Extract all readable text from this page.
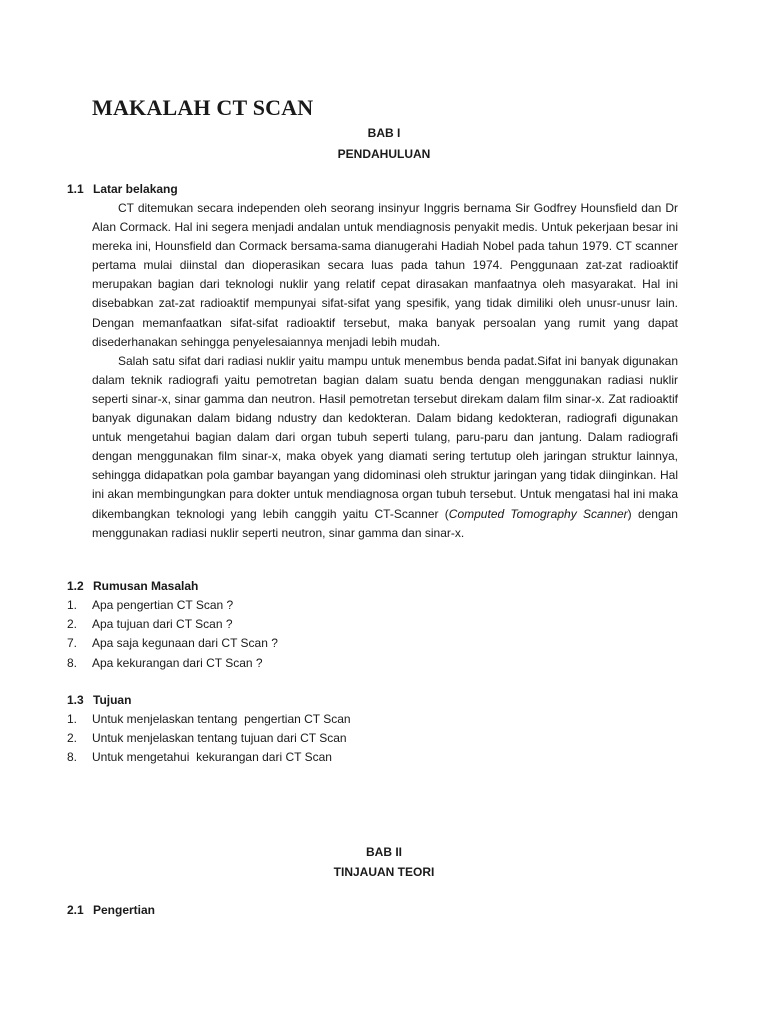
MAKALAH CT SCAN
BAB I
PENDAHULUAN
1.1 Latar belakang

CT ditemukan secara independen oleh seorang insinyur Inggris bernama Sir Godfrey Hounsfield dan Dr Alan Cormack. Hal ini segera menjadi andalan untuk mendiagnosis penyakit medis. Untuk pekerjaan besar ini mereka ini, Hounsfield dan Cormack bersama-sama dianugerahi Hadiah Nobel pada tahun 1979. CT scanner pertama mulai diinstal dan dioperasikan secara luas pada tahun 1974. Penggunaan zat-zat radioaktif merupakan bagian dari teknologi nuklir yang relatif cepat dirasakan manfaatnya oleh masyarakat. Hal ini disebabkan zat-zat radioaktif mempunyai sifat-sifat yang spesifik, yang tidak dimiliki oleh unusr-unusr lain. Dengan memanfaatkan sifat-sifat radioaktif tersebut, maka banyak persoalan yang rumit yang dapat disederhanakan sehingga penyelesaiannya menjadi lebih mudah.

Salah satu sifat dari radiasi nuklir yaitu mampu untuk menembus benda padat.Sifat ini banyak digunakan dalam teknik radiografi yaitu pemotretan bagian dalam suatu benda dengan menggunakan radiasi nuklir seperti sinar-x, sinar gamma dan neutron. Hasil pemotretan tersebut direkam dalam film sinar-x. Zat radioaktif banyak digunakan dalam bidang ndustry dan kedokteran. Dalam bidang kedokteran, radiografi digunakan untuk mengetahui bagian dalam dari organ tubuh seperti tulang, paru-paru dan jantung. Dalam radiografi dengan menggunakan film sinar-x, maka obyek yang diamati sering tertutup oleh jaringan struktur lainnya, sehingga didapatkan pola gambar bayangan yang didominasi oleh struktur jaringan yang tidak diinginkan. Hal ini akan membingungkan para dokter untuk mendiagnosa organ tubuh tersebut. Untuk mengatasi hal ini maka dikembangkan teknologi yang lebih canggih yaitu CT-Scanner (Computed Tomography Scanner) dengan menggunakan radiasi nuklir seperti neutron, sinar gamma dan sinar-x.

1.2 Rumusan Masalah
1. Apa pengertian CT Scan ?
2. Apa tujuan dari CT Scan ?
7. Apa saja kegunaan dari CT Scan ?
8. Apa kekurangan dari CT Scan ?
1.3 Tujuan
1. Untuk menjelaskan tentang  pengertian CT Scan
2. Untuk menjelaskan tentang tujuan dari CT Scan
8. Untuk mengetahui  kekurangan dari CT Scan
BAB II
TINJAUAN TEORI
2.1 Pengertian
